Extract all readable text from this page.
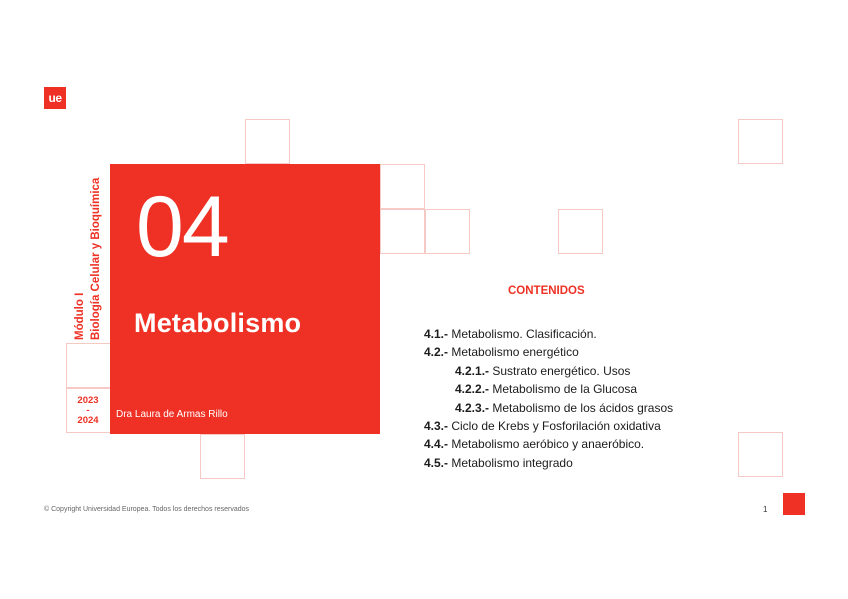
ue
04
Metabolismo
Dra Laura de Armas Rillo
Módulo I Biología Celular y Bioquímica
2023
-
2024
CONTENIDOS
4.1.- Metabolismo. Clasificación.
4.2.- Metabolismo energético
4.2.1.- Sustrato energético. Usos
4.2.2.- Metabolismo de la Glucosa
4.2.3.- Metabolismo de los ácidos grasos
4.3.- Ciclo de Krebs y Fosforilación oxidativa
4.4.- Metabolismo aeróbico y anaeróbico.
4.5.- Metabolismo integrado
© Copyright Universidad Europea. Todos los derechos reservados	1
